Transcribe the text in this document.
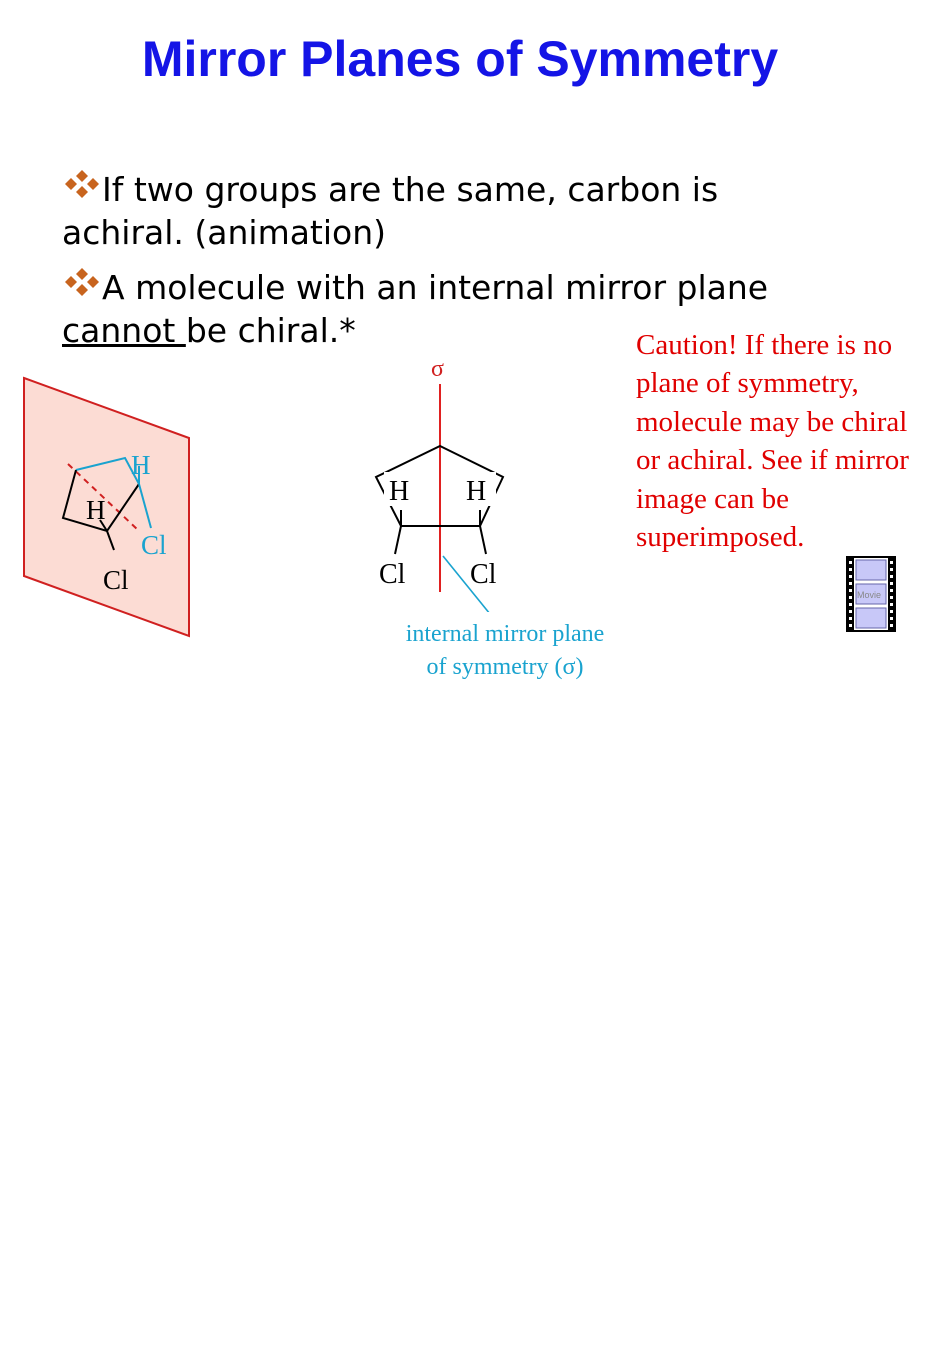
Mirror Planes of Symmetry
If two groups are the same, carbon is achiral. (animation)
A molecule with an internal mirror plane cannot be chiral.*	Caution! If there is no plane of symmetry, molecule may be chiral or achiral. See if mirror image can be superimposed.
H
H
Cl
Cl
σ
H H
Cl Cl
internal mirror plane
of symmetry (σ)
Movie
